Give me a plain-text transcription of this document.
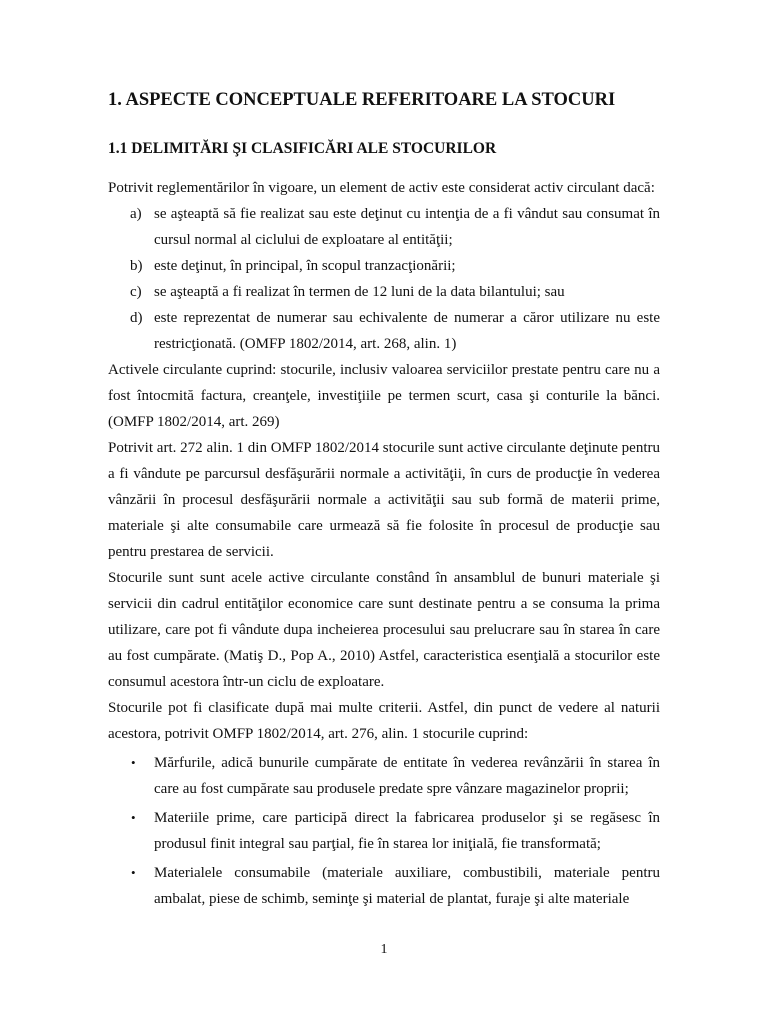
1. ASPECTE CONCEPTUALE REFERITOARE LA STOCURI
1.1 DELIMITĂRI ŞI CLASIFICĂRI ALE STOCURILOR

Potrivit reglementărilor în vigoare, un element de activ este considerat activ circulant dacă:

a) se aşteaptă să fie realizat sau este deţinut cu intenţia de a fi vândut sau consumat în cursul normal al ciclului de exploatare al entităţii;
b) este deţinut, în principal, în scopul tranzacţionării;
c) se aşteaptă a fi realizat în termen de 12 luni de la data bilantului; sau
d) este reprezentat de numerar sau echivalente de numerar a căror utilizare nu este restricţionată. (OMFP 1802/2014, art. 268, alin. 1)

Activele circulante cuprind: stocurile, inclusiv valoarea serviciilor prestate pentru care nu a fost întocmită factura, creanţele, investiţiile pe termen scurt, casa şi conturile la bănci. (OMFP 1802/2014, art. 269)

Potrivit art. 272 alin. 1 din OMFP 1802/2014 stocurile sunt active circulante deţinute pentru a fi vândute pe parcursul desfăşurării normale a activităţii, în curs de producţie în vederea vânzării în procesul desfăşurării normale a activităţii sau sub formă de materii prime, materiale şi alte consumabile care urmează să fie folosite în procesul de producţie sau pentru prestarea de servicii.

Stocurile sunt sunt acele active circulante constând în ansamblul de bunuri materiale şi servicii din cadrul entităţilor economice care sunt destinate pentru a se consuma la prima utilizare, care pot fi vândute dupa incheierea procesului sau prelucrare sau în starea în care au fost cumpărate. (Matiş D., Pop A., 2010) Astfel, caracteristica esenţială a stocurilor este consumul acestora într-un ciclu de exploatare.

Stocurile pot fi clasificate după mai multe criterii. Astfel, din punct de vedere al naturii acestora, potrivit OMFP 1802/2014, art. 276, alin. 1 stocurile cuprind:

• Mărfurile, adică bunurile cumpărate de entitate în vederea revânzării în starea în care au fost cumpărate sau produsele predate spre vânzare magazinelor proprii;
• Materiile prime, care participă direct la fabricarea produselor şi se regăsesc în produsul finit integral sau parţial, fie în starea lor iniţială, fie transformată;
• Materialele consumabile (materiale auxiliare, combustibili, materiale pentru ambalat, piese de schimb, seminţe şi material de plantat, furaje şi alte materiale
1
